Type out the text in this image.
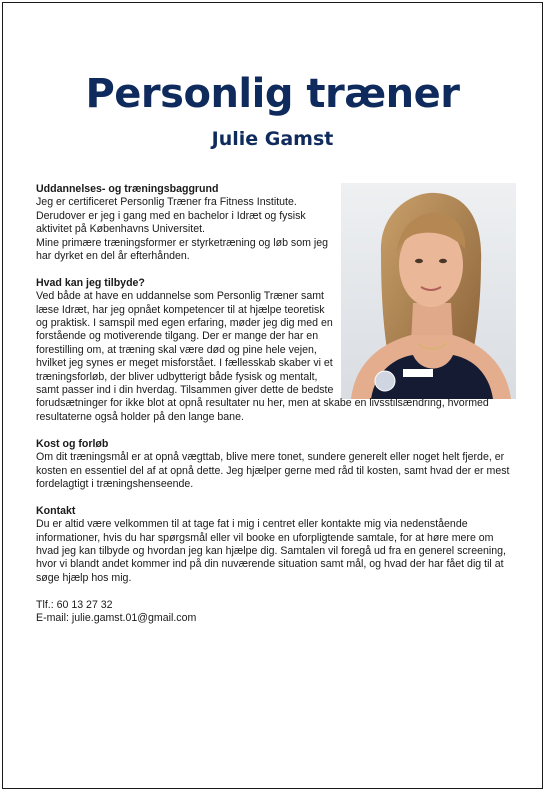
Personlig træner
Julie Gamst

Uddannelses- og træningsbaggrund

Jeg er certificeret Personlig Træner fra Fitness Institute. Derudover er jeg i gang med en bachelor i Idræt og fysisk aktivitet på Københavns Universitet.

Mine primære træningsformer er styrketræning og løb som jeg har dyrket en del år efterhånden.

Hvad kan jeg tilbyde?

Ved både at have en uddannelse som Personlig Træner samt læse Idræt, har jeg opnået kompetencer til at hjælpe teoretisk og praktisk. I samspil med egen erfaring, møder jeg dig med en forstående og motiverende tilgang. Der er mange der har en forestilling om, at træning skal være død og pine hele vejen, hvilket jeg synes er meget misforstået. I fællesskab skaber vi et træningsforløb, der bliver udbytterigt både fysisk og mentalt, samt passer ind i din hverdag. Tilsammen giver dette de bedste
forudsætninger for ikke blot at opnå resultater nu her, men at skabe en livsstilsændring, hvormed resultaterne også holder på den lange bane.

Kost og forløb

Om dit træningsmål er at opnå vægttab, blive mere tonet, sundere generelt eller noget helt fjerde, er kosten en essentiel del af at opnå dette. Jeg hjælper gerne med råd til kosten, samt hvad der er mest fordelagtigt i træningshenseende.

Kontakt

Du er altid være velkommen til at tage fat i mig i centret eller kontakte mig via nedenstående informationer, hvis du har spørgsmål eller vil booke en uforpligtende samtale, for at høre mere om hvad jeg kan tilbyde og hvordan jeg kan hjælpe dig. Samtalen vil foregå ud fra en generel screening, hvor vi blandt andet kommer ind på din nuværende situation samt mål, og hvad der har fået dig til at søge hjælp hos mig.

Tlf.: 60 13 27 32

E-mail: julie.gamst.01@gmail.com
